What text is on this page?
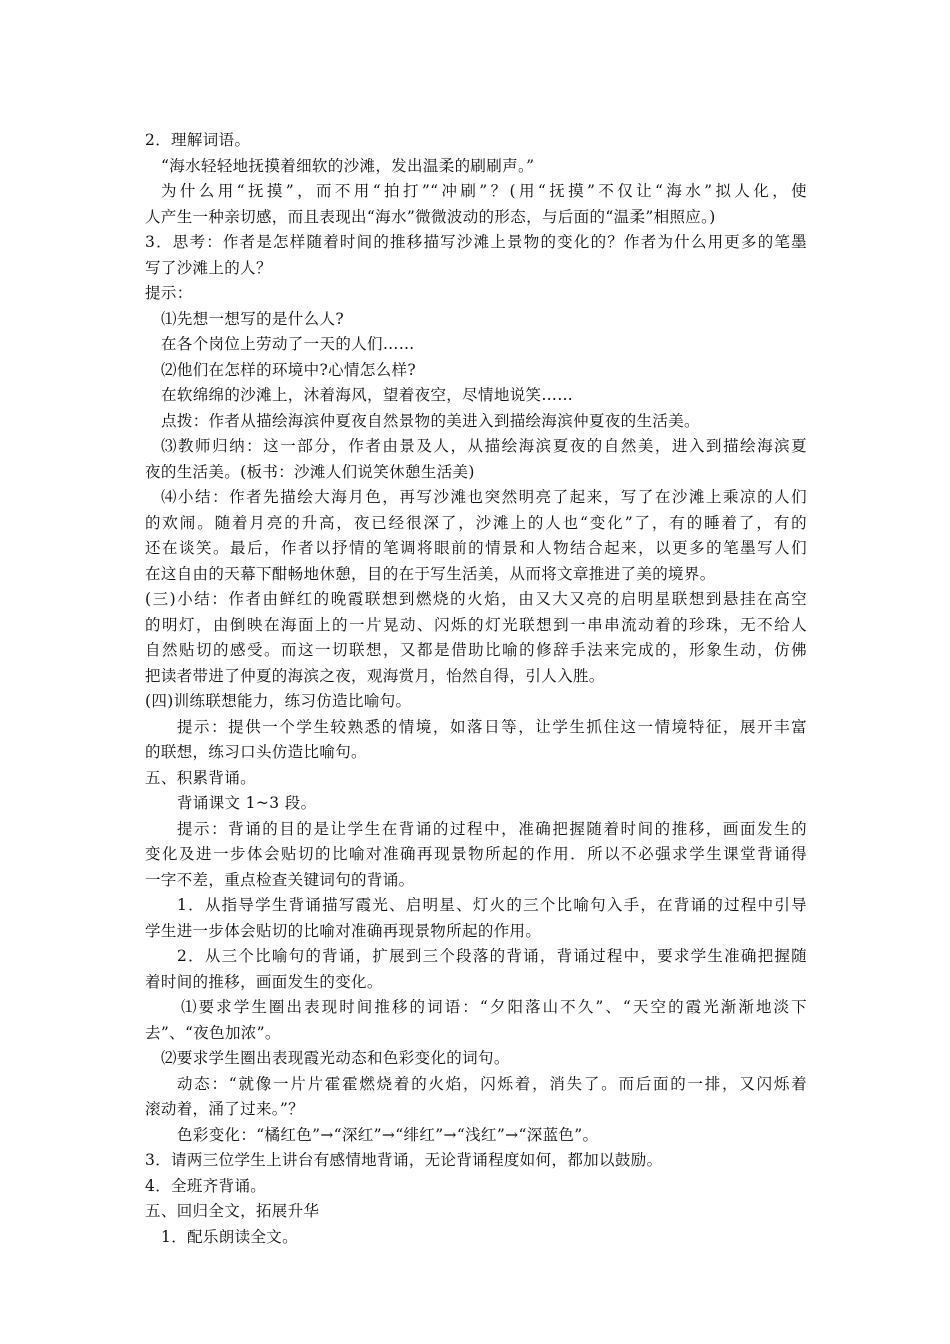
2．理解词语。
“海水轻轻地抚摸着细软的沙滩，发出温柔的刷刷声。”
为什么用“抚摸”，而不用“拍打”“冲刷”？(用“抚摸”不仅让“海水”拟人化，使
人产生一种亲切感，而且表现出“海水”微微波动的形态，与后面的“温柔”相照应。)
3．思考：作者是怎样随着时间的推移描写沙滩上景物的变化的？作者为什么用更多的笔墨
写了沙滩上的人？
提示：
⑴先想一想写的是什么人?
在各个岗位上劳动了一天的人们……
⑵他们在怎样的环境中?心情怎么样?
在软绵绵的沙滩上，沐着海风，望着夜空，尽情地说笑……
点拨：作者从描绘海滨仲夏夜自然景物的美进入到描绘海滨仲夏夜的生活美。
⑶教师归纳：这一部分，作者由景及人，从描绘海滨夏夜的自然美，进入到描绘海滨夏
夜的生活美。(板书：沙滩人们说笑休憩生活美)
⑷小结：作者先描绘大海月色，再写沙滩也突然明亮了起来，写了在沙滩上乘凉的人们
的欢闹。随着月亮的升高，夜已经很深了，沙滩上的人也“变化”了，有的睡着了，有的
还在谈笑。最后，作者以抒情的笔调将眼前的情景和人物结合起来，以更多的笔墨写人们
在这自由的天幕下酣畅地休憩，目的在于写生活美，从而将文章推进了美的境界。
(三)小结：作者由鲜红的晚霞联想到燃烧的火焰，由又大又亮的启明星联想到悬挂在高空
的明灯，由倒映在海面上的一片晃动、闪烁的灯光联想到一串串流动着的珍珠，无不给人
自然贴切的感受。而这一切联想，又都是借助比喻的修辞手法来完成的，形象生动，仿佛
把读者带进了仲夏的海滨之夜，观海赏月，怡然自得，引人入胜。
(四)训练联想能力，练习仿造比喻句。
提示：提供一个学生较熟悉的情境，如落日等，让学生抓住这一情境特征，展开丰富
的联想，练习口头仿造比喻句。
五、积累背诵。
背诵课文 1~3 段。
提示：背诵的目的是让学生在背诵的过程中，准确把握随着时间的推移，画面发生的
变化及进一步体会贴切的比喻对准确再现景物所起的作用．所以不必强求学生课堂背诵得
一字不差，重点检查关键词句的背诵。
1．从指导学生背诵描写霞光、启明星、灯火的三个比喻句入手，在背诵的过程中引导
学生进一步体会贴切的比喻对准确再现景物所起的作用。
2．从三个比喻句的背诵，扩展到三个段落的背诵，背诵过程中，要求学生准确把握随
着时间的推移，画面发生的变化。
⑴要求学生圈出表现时间推移的词语：“夕阳落山不久”、“天空的霞光渐渐地淡下
去”、“夜色加浓”。
⑵要求学生圈出表现霞光动态和色彩变化的词句。
动态：“就像一片片霍霍燃烧着的火焰，闪烁着，消失了。而后面的一排，又闪烁着
滚动着，涌了过来。”？
色彩变化：“橘红色”→“深红”→“绯红”→“浅红”→“深蓝色”。
3．请两三位学生上讲台有感情地背诵，无论背诵程度如何，都加以鼓励。
4．全班齐背诵。
五、回归全文，拓展升华
1．配乐朗读全文。
